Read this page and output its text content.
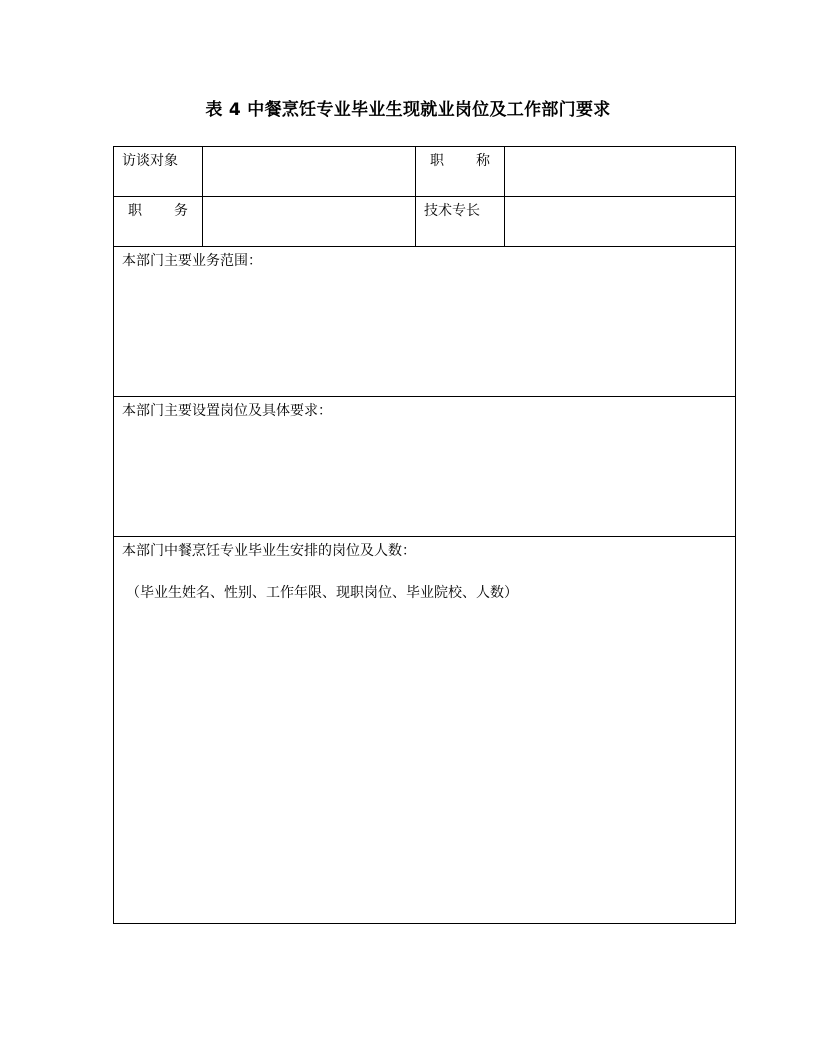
表 4 中餐烹饪专业毕业生现就业岗位及工作部门要求
访谈对象		职 称	

职 务		技术专长	

本部门主要业务范围：			

本部门主要设置岗位及具体要求：			

本部门中餐烹饪专业毕业生安排的岗位及人数：
（毕业生姓名、性别、工作年限、现职岗位、毕业院校、人数）			
